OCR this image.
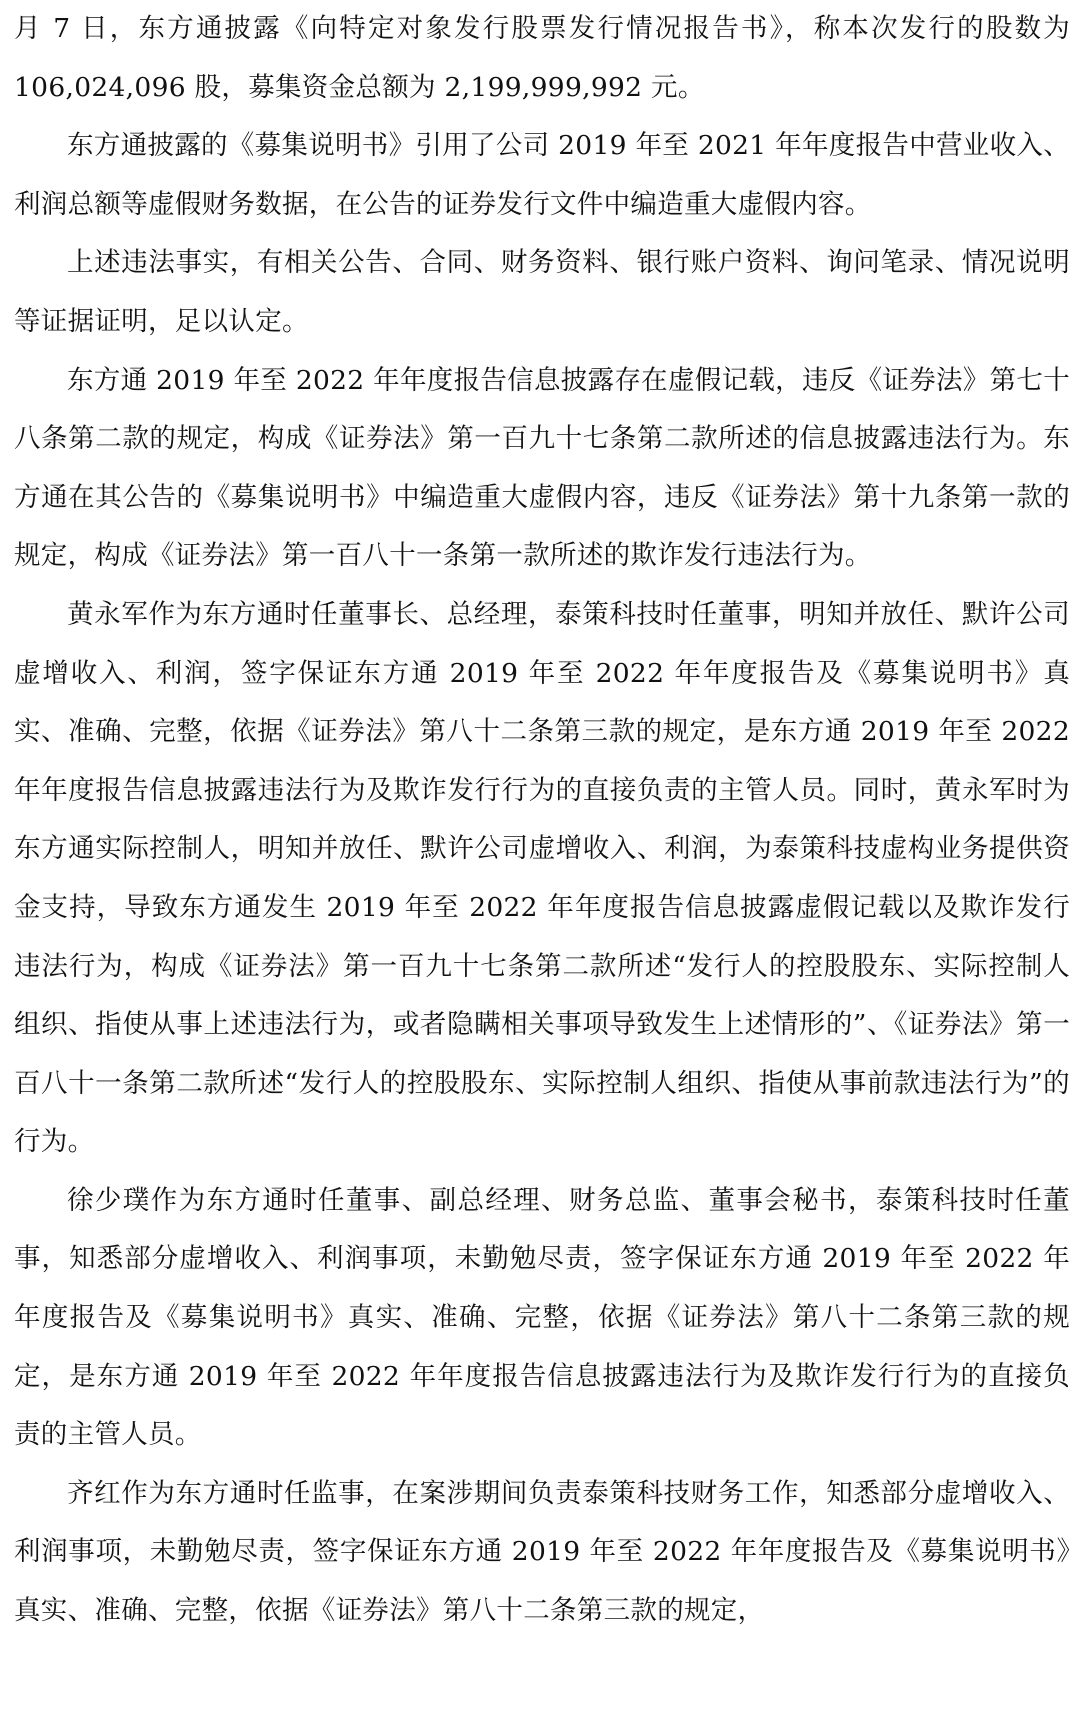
月 7 日，东方通披露《向特定对象发行股票发行情况报告书》，称本次发行的股数为 106,024,096 股，募集资金总额为 2,199,999,992 元。

东方通披露的《募集说明书》引用了公司 2019 年至 2021 年年度报告中营业收入、利润总额等虚假财务数据，在公告的证券发行文件中编造重大虚假内容。

上述违法事实，有相关公告、合同、财务资料、银行账户资料、询问笔录、情况说明等证据证明，足以认定。

东方通 2019 年至 2022 年年度报告信息披露存在虚假记载，违反《证券法》第七十八条第二款的规定，构成《证券法》第一百九十七条第二款所述的信息披露违法行为。东方通在其公告的《募集说明书》中编造重大虚假内容，违反《证券法》第十九条第一款的规定，构成《证券法》第一百八十一条第一款所述的欺诈发行违法行为。

黄永军作为东方通时任董事长、总经理，泰策科技时任董事，明知并放任、默许公司虚增收入、利润，签字保证东方通 2019 年至 2022 年年度报告及《募集说明书》真实、准确、完整，依据《证券法》第八十二条第三款的规定，是东方通 2019 年至 2022 年年度报告信息披露违法行为及欺诈发行行为的直接负责的主管人员。同时，黄永军时为东方通实际控制人，明知并放任、默许公司虚增收入、利润，为泰策科技虚构业务提供资金支持，导致东方通发生 2019 年至 2022 年年度报告信息披露虚假记载以及欺诈发行违法行为，构成《证券法》第一百九十七条第二款所述“发行人的控股股东、实际控制人组织、指使从事上述违法行为，或者隐瞒相关事项导致发生上述情形的”、《证券法》第一百八十一条第二款所述“发行人的控股股东、实际控制人组织、指使从事前款违法行为”的行为。

徐少璞作为东方通时任董事、副总经理、财务总监、董事会秘书，泰策科技时任董事，知悉部分虚增收入、利润事项，未勤勉尽责，签字保证东方通 2019 年至 2022 年年度报告及《募集说明书》真实、准确、完整，依据《证券法》第八十二条第三款的规定，是东方通 2019 年至 2022 年年度报告信息披露违法行为及欺诈发行行为的直接负责的主管人员。

齐红作为东方通时任监事，在案涉期间负责泰策科技财务工作，知悉部分虚增收入、利润事项，未勤勉尽责，签字保证东方通 2019 年至 2022 年年度报告及《募集说明书》真实、准确、完整，依据《证券法》第八十二条第三款的规定，
